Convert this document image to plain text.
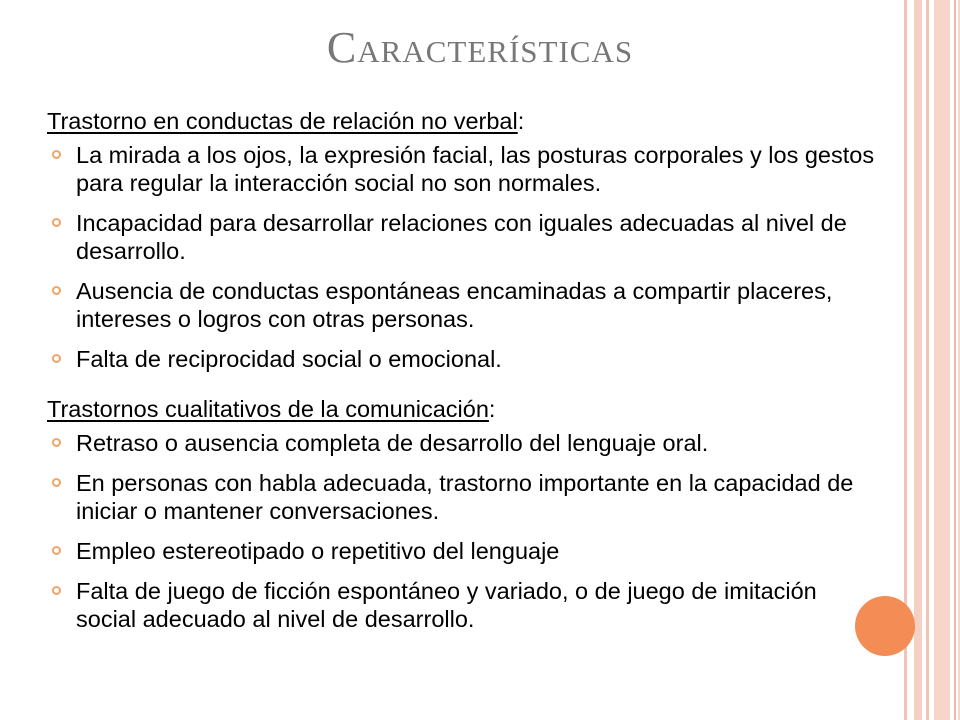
Características

Trastorno en conductas de relación no verbal:

La mirada a los ojos, la expresión facial, las posturas corporales y los gestos para regular la interacción social no son normales.
Incapacidad para desarrollar relaciones con iguales adecuadas al nivel de desarrollo.
Ausencia de conductas espontáneas encaminadas a compartir placeres, intereses o logros con otras personas.
Falta de reciprocidad social o emocional.

Trastornos cualitativos de la comunicación:

Retraso o ausencia completa de desarrollo del lenguaje oral.
En personas con habla adecuada, trastorno importante en la capacidad de iniciar o mantener conversaciones.
Empleo estereotipado o repetitivo del lenguaje
Falta de juego de ficción espontáneo y variado, o de juego de imitación social adecuado al nivel de desarrollo.
